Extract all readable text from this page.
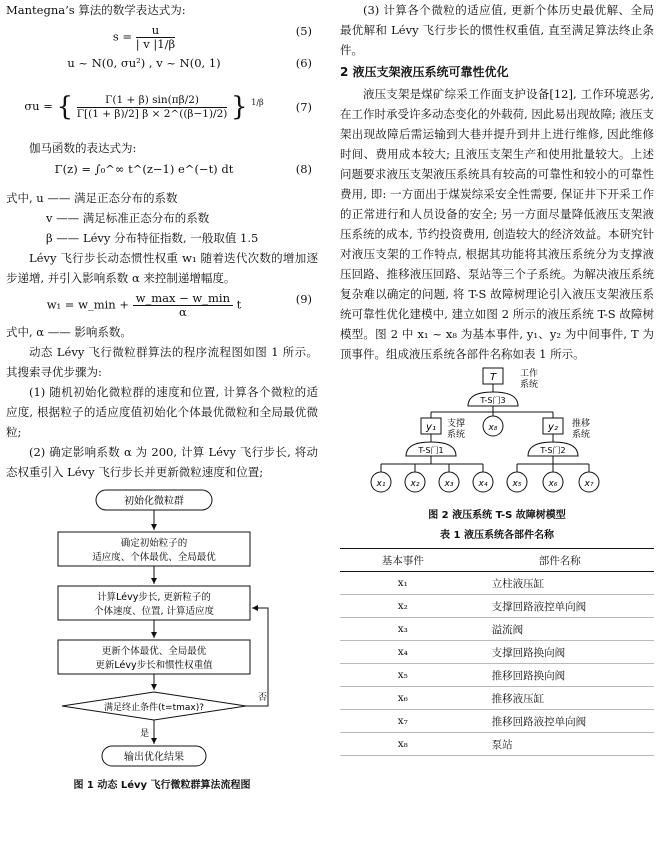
Mantegna’s 算法的数学表达式为:

$s = \frac{u}{| v |1/\beta}$	(5)
u ~ N(0, σu²) , v ~ N(0, 1)	(6)
σu = { $\frac{\Gamma(1 + \beta) \sin(\pi\beta/2)}{\Gamma[(1 + \beta)/2] \beta \times 2\^{}((\beta-1)/2)}$ } $^{1/\beta}$	(7)

伽马函数的表达式为:

Γ(z) = ∫₀^∞ t^(z−1) e^(−t) dt	(8)

式中, u —— 满足正态分布的系数

v —— 满足标准正态分布的系数

β —— Lévy 分布特征指数, 一般取值 1.5

Lévy 飞行步长动态惯性权重 w₁ 随着迭代次数的增加逐步递增, 并引入影响系数 α 来控制递增幅度。

w₁ = w_min + $\frac{w\_\max - w\_\min}{\alpha}$ t	(9)

式中, α —— 影响系数。

动态 Lévy 飞行微粒群算法的程序流程图如图 1 所示。其搜索寻优步骤为:

(1) 随机初始化微粒群的速度和位置, 计算各个微粒的适应度, 根据粒子的适应度值初始化个体最优微粒和全局最优微粒;

(2) 确定影响系数 α 为 200, 计算 Lévy 飞行步长, 将动态权重引入 Lévy 飞行步长并更新微粒速度和位置;

初始化微粒群
确定初始粒子的
适应度、个体最优、全局最优
计算Lévy步长, 更新粒子的
个体速度、位置, 计算适应度
更新个体最优、全局最优
更新Lévy步长和惯性权重值
满足终止条件(t=tmax)?
否
是
输出优化结果
图 1 动态 Lévy 飞行微粒群算法流程图

(3) 计算各个微粒的适应值, 更新个体历史最优解、全局最优解和 Lévy 飞行步长的惯性权重值, 直至满足算法终止条件。

2 液压支架液压系统可靠性优化

液压支架是煤矿综采工作面支护设备[12], 工作环境恶劣, 在工作时承受许多动态变化的外载荷, 因此易出现故障; 液压支架出现故障后需运输到大巷并提升到井上进行维修, 因此维修时间、费用成本较大; 且液压支架生产和使用批量较大。上述问题要求液压支架液压系统具有较高的可靠性和较小的可靠性费用, 即: 一方面出于煤炭综采安全性需要, 保证井下开采工作的正常进行和人员设备的安全; 另一方面尽量降低液压支架液压系统的成本, 节约投资费用, 创造较大的经济效益。本研究针对液压支架的工作特点, 根据其功能将其液压系统分为支撑液压回路、推移液压回路、泵站等三个子系统。为解决液压系统复杂难以确定的问题, 将 T-S 故障树理论引入液压支架液压系统可靠性优化建模中, 建立如图 2 所示的液压系统 T-S 故障树模型。图 2 中 x₁ ~ x₈ 为基本事件, y₁、y₂ 为中间事件, T 为顶事件。组成液压系统各部件名称如表 1 所示。

T	工作
系统
T-S门3
y₁ 支撑
系统
x₈	y₂ 推移
系统
T-S门1	T-S门2
x₁	x₂	x₃	x₄	x₅	x₆	x₇
图 2 液压系统 T-S 故障树模型
表 1 液压系统各部件名称
基本事件	部件名称
x₁	立柱液压缸
x₂	支撑回路液控单向阀
x₃	溢流阀
x₄	支撑回路换向阀
x₅	推移回路换向阀
x₆	推移液压缸
x₇	推移回路液控单向阀
x₈	泵站
